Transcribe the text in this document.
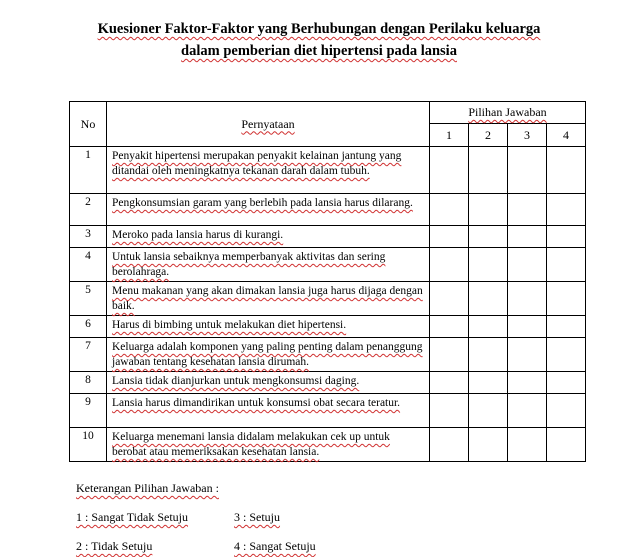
Kuesioner Faktor-Faktor yang Berhubungan dengan Perilaku keluarga
dalam pemberian diet hipertensi pada lansia
No	Pernyataan	Pilihan Jawaban			
		1	2	3	4
1	Penyakit hipertensi merupakan penyakit kelainan jantung yang ditandai oleh meningkatnya tekanan darah dalam tubuh.				
2	Pengkonsumsian garam yang berlebih pada lansia harus dilarang.				
3	Meroko pada lansia harus di kurangi.				
4	Untuk lansia sebaiknya memperbanyak aktivitas dan sering berolahraga.				
5	Menu makanan yang akan dimakan lansia juga harus dijaga dengan baik.				
6	Harus di bimbing untuk melakukan diet hipertensi.				
7	Keluarga adalah komponen yang paling penting dalam penanggung jawaban tentang kesehatan lansia dirumah.				
8	Lansia tidak dianjurkan untuk mengkonsumsi daging.				
9	Lansia harus dimandirikan untuk konsumsi obat secara teratur.				
10	Keluarga menemani lansia didalam melakukan cek up untuk berobat atau memeriksakan kesehatan lansia.				
Keterangan Pilihan Jawaban :
1 : Sangat Tidak Setuju	3 : Setuju
2 : Tidak Setuju	4 : Sangat Setuju
